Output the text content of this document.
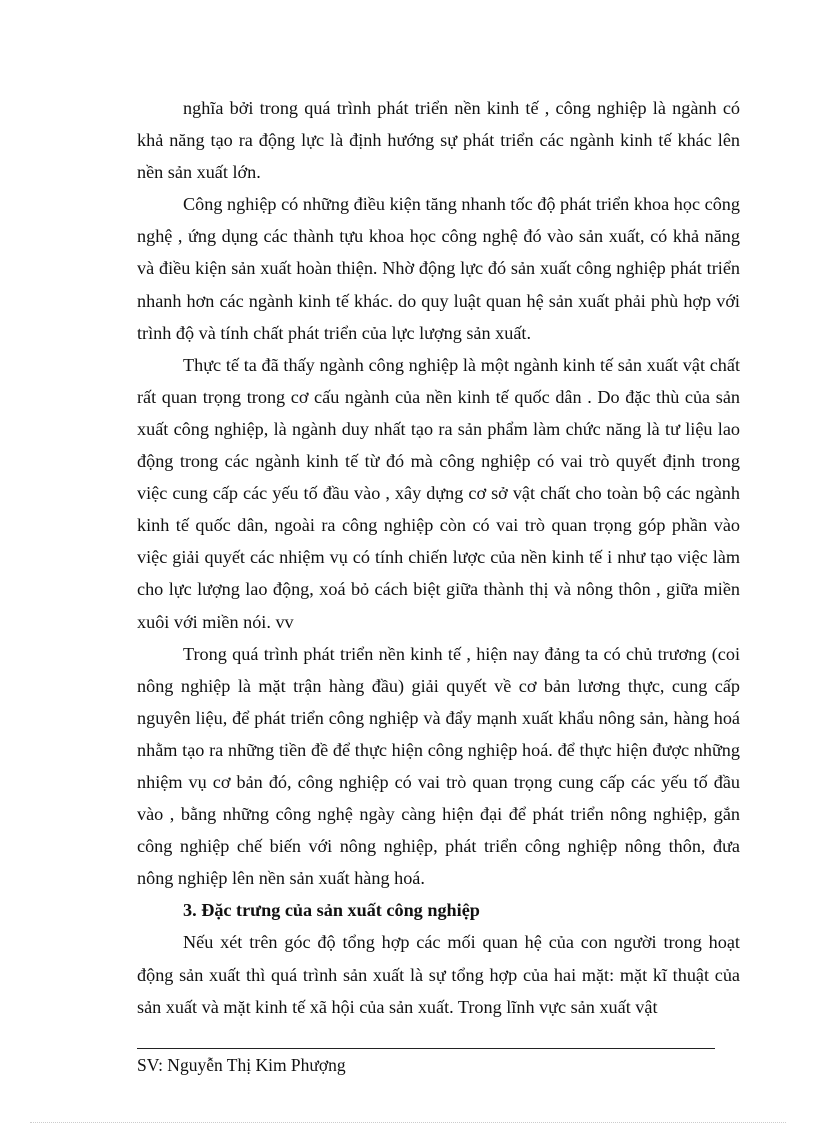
nghĩa bởi trong quá trình phát triển nền kinh tế , công nghiệp là ngành có khả năng tạo ra động lực là định hướng sự phát triển các ngành kinh tế khác lên nền sản xuất lớn.

Công nghiệp có những điều kiện tăng nhanh tốc độ phát triển khoa học công nghệ , ứng dụng các thành tựu khoa học công nghệ đó vào sản xuất, có khả năng và điều kiện sản xuất hoàn thiện. Nhờ động lực đó sản xuất công nghiệp phát triển nhanh hơn các ngành kinh tế khác. do quy luật quan hệ sản xuất phải phù hợp với trình độ và tính chất phát triển của lực lượng sản xuất.

Thực tế ta đã thấy ngành công nghiệp là một ngành kinh tế sản xuất vật chất rất quan trọng trong cơ cấu ngành của nền kinh tế quốc dân . Do đặc thù của sản xuất công nghiệp, là ngành duy nhất tạo ra sản phẩm làm chức năng là tư liệu lao động trong các ngành kinh tế từ đó mà công nghiệp có vai trò quyết định trong việc cung cấp các yếu tố đầu vào , xây dựng cơ sở vật chất cho toàn bộ các ngành kinh tế quốc dân, ngoài ra công nghiệp còn có vai trò quan trọng góp phần vào việc giải quyết các nhiệm vụ có tính chiến lược của nền kinh tế i như tạo việc làm cho lực lượng lao động, xoá bỏ cách biệt giữa thành thị và nông thôn , giữa miền xuôi với miền nói. vv

Trong quá trình phát triển nền kinh tế , hiện nay đảng ta có chủ trương (coi nông nghiệp là mặt trận hàng đầu) giải quyết về cơ bản lương thực, cung cấp nguyên liệu, để phát triển công nghiệp và đẩy mạnh xuất khẩu nông sản, hàng hoá nhằm tạo ra những tiền đề để thực hiện công nghiệp hoá. để thực hiện được những nhiệm vụ cơ bản đó, công nghiệp có vai trò quan trọng cung cấp các yếu tố đầu vào , bằng những công nghệ ngày càng hiện đại để phát triển nông nghiệp, gắn công nghiệp chế biến với nông nghiệp, phát triển công nghiệp nông thôn, đưa nông nghiệp lên nền sản xuất hàng hoá.

3. Đặc trưng của sản xuất công nghiệp

Nếu xét trên góc độ tổng hợp các mối quan hệ của con người trong hoạt động sản xuất thì quá trình sản xuất là sự tổng hợp của hai mặt: mặt kĩ thuật của sản xuất và mặt kinh tế xã hội của sản xuất. Trong lĩnh vực sản xuất vật

SV: Nguyễn Thị Kim Phượng
